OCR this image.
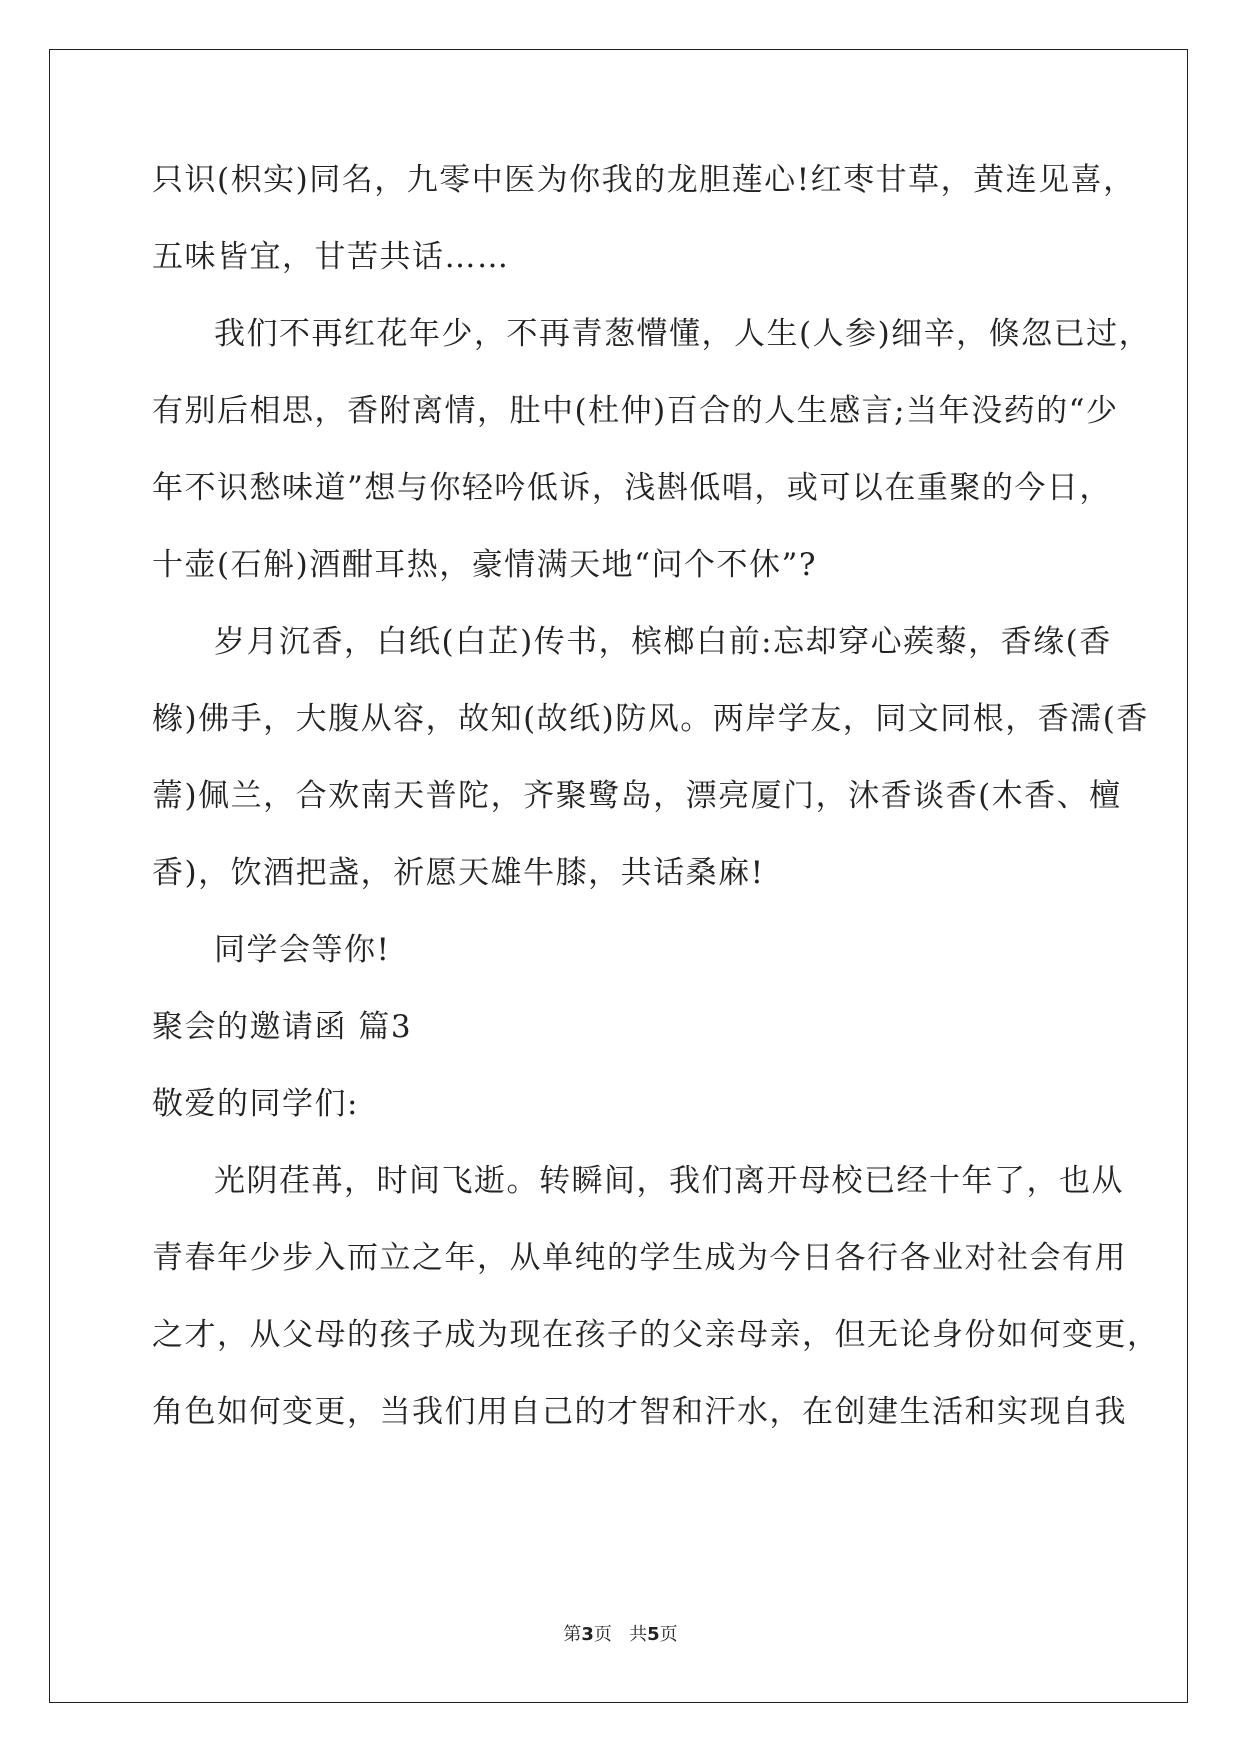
只识(枳实)同名，九零中医为你我的龙胆莲心!红枣甘草，黄连见喜，
五味皆宜，甘苦共话……
我们不再红花年少，不再青葱懵懂，人生(人参)细辛，倏忽已过，
有别后相思，香附离情，肚中(杜仲)百合的人生感言;当年没药的“少
年不识愁味道”想与你轻吟低诉，浅斟低唱，或可以在重聚的今日，
十壶(石斛)酒酣耳热，豪情满天地“问个不休”?
岁月沉香，白纸(白芷)传书，槟榔白前:忘却穿心蒺藜，香缘(香
橼)佛手，大腹从容，故知(故纸)防风。两岸学友，同文同根，香濡(香
薷)佩兰，合欢南天普陀，齐聚鹭岛，漂亮厦门，沐香谈香(木香、檀
香)，饮酒把盏，祈愿天雄牛膝，共话桑麻!
同学会等你!
聚会的邀请函 篇3
敬爱的同学们:
光阴荏苒，时间飞逝。转瞬间，我们离开母校已经十年了，也从
青春年少步入而立之年，从单纯的学生成为今日各行各业对社会有用
之才，从父母的孩子成为现在孩子的父亲母亲，但无论身份如何变更，
角色如何变更，当我们用自己的才智和汗水，在创建生活和实现自我
第3页   共5页
